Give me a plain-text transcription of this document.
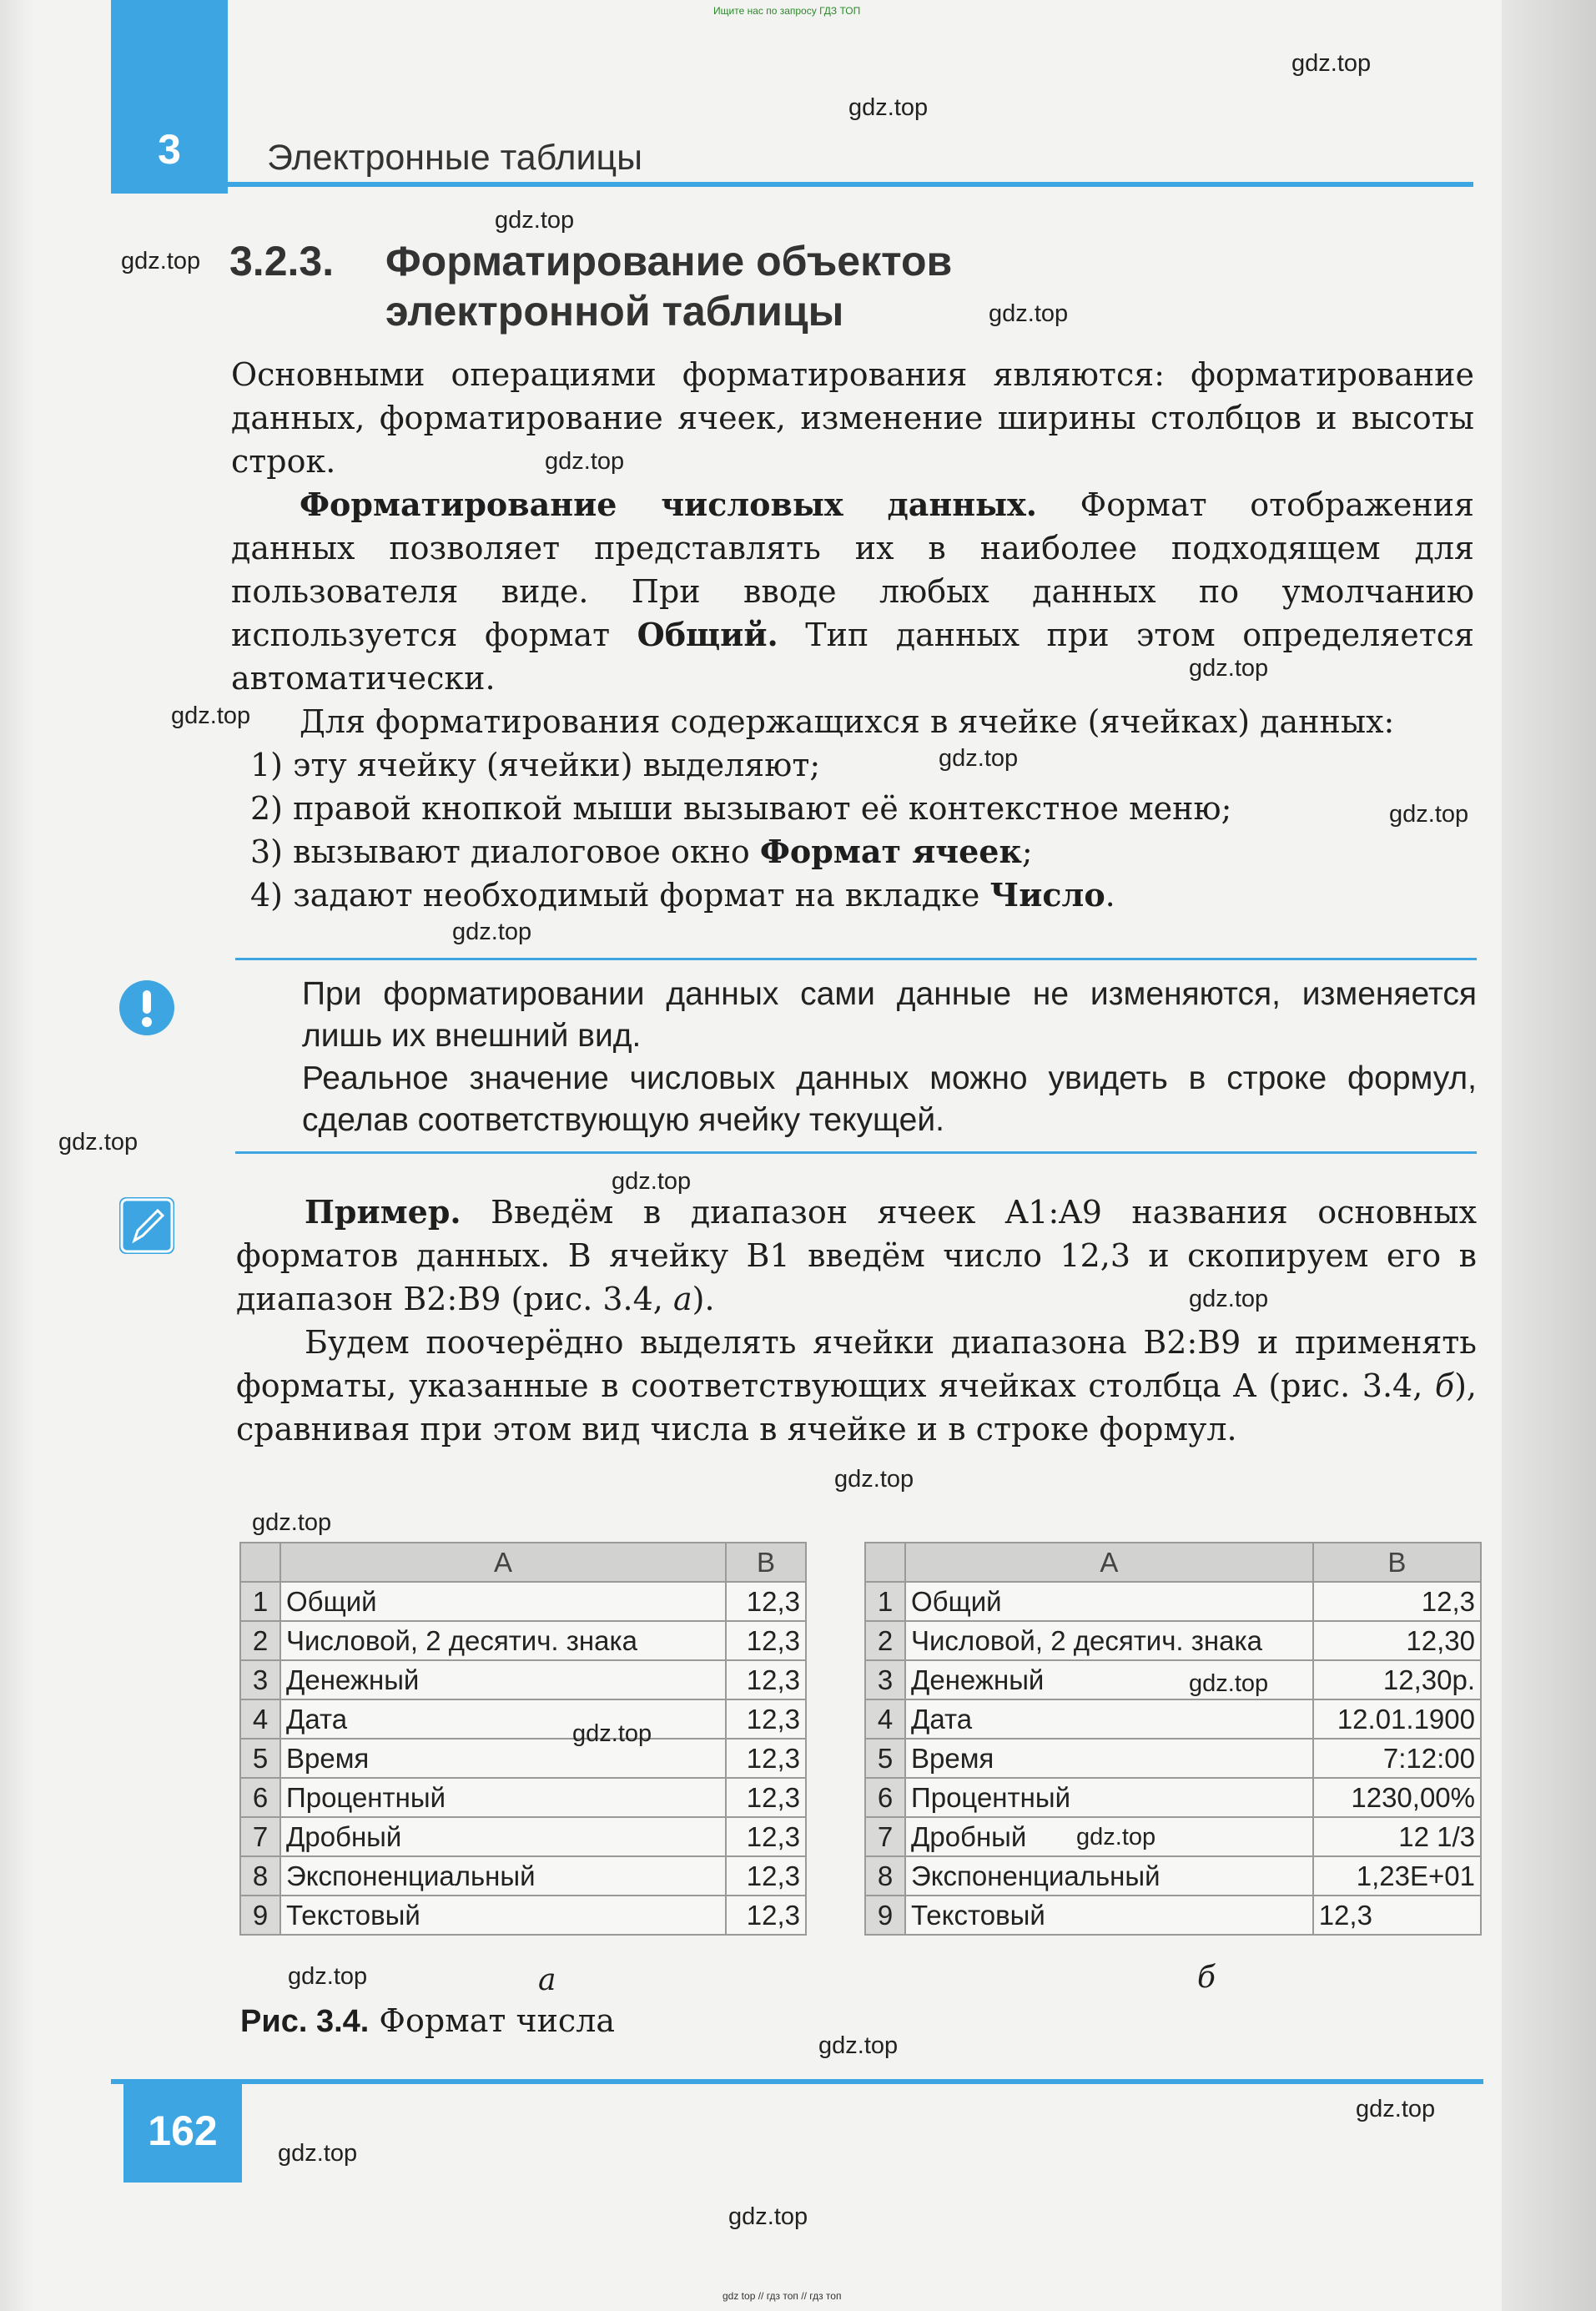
Ищите нас по запросу ГДЗ ТОП
3	Электронные таблицы
3.2.3. Форматирование объектов
электронной таблицы

Основными операциями форматирования являются: форматирование данных, форматирование ячеек, изменение ширины столбцов и высоты строк.

Форматирование числовых данных. Формат отображения данных позволяет представлять их в наиболее подходящем для пользователя виде. При вводе любых данных по умолчанию используется формат Общий. Тип данных при этом определяется автоматически.

Для форматирования содержащихся в ячейке (ячейках) данных:
1) эту ячейку (ячейки) выделяют;
2) правой кнопкой мыши вызывают её контекстное меню;
3) вызывают диалоговое окно Формат ячеек;
4) задают необходимый формат на вкладке Число.
При форматировании данных сами данные не изменяются, изменяется лишь их внешний вид.
Реальное значение числовых данных можно увидеть в строке формул, сделав соответствующую ячейку текущей.

Пример. Введём в диапазон ячеек A1:A9 названия основных форматов данных. В ячейку B1 введём число 12,3 и скопируем его в диапазон B2:B9 (рис. 3.4, а).

Будем поочерёдно выделять ячейки диапазона B2:B9 и применять форматы, указанные в соответствующих ячейках столбца A (рис. 3.4, б), сравнивая при этом вид числа в ячейке и в строке формул.

	A	B
1	Общий	12,3
2	Числовой, 2 десятич. знака	12,3
3	Денежный	12,3
4	Дата	12,3
5	Время	12,3
6	Процентный	12,3
7	Дробный	12,3
8	Экспоненциальный	12,3
9	Текстовый	12,3
а
	A	B
1	Общий	12,3
2	Числовой, 2 десятич. знака	12,30
3	Денежный	12,30р.
4	Дата	12.01.1900
5	Время	7:12:00
6	Процентный	1230,00%
7	Дробный	12 1/3
8	Экспоненциальный	1,23E+01
9	Текстовый	12,3
б
Рис. 3.4. Формат числа
162
gdz top // гдз топ // гдз топ
gdz.top
gdz.top
gdz.top
gdz.top
gdz.top
gdz.top
gdz.top
gdz.top
gdz.top
gdz.top
gdz.top
gdz.top
gdz.top
gdz.top
gdz.top
gdz.top
gdz.top
gdz.top
gdz.top
gdz.top
gdz.top
gdz.top
gdz.top
gdz.top
